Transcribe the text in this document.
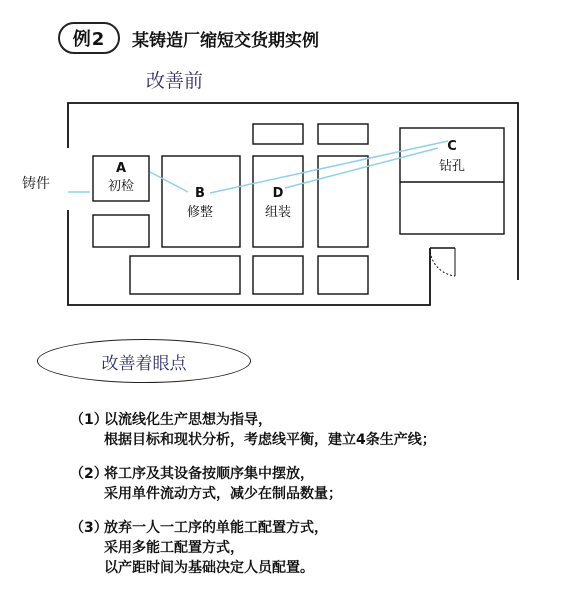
例2	某铸造厂缩短交货期实例
改善前
铸件
A
初检	B
修整
D
组装
C
钻孔
改善着眼点
（1）以流线化生产思想为指导，
根据目标和现状分析，考虑线平衡，建立4条生产线；
（2）将工序及其设备按顺序集中摆放，
采用单件流动方式，减少在制品数量；
（3）放弃一人一工序的单能工配置方式，
采用多能工配置方式，
以产距时间为基础决定人员配置。
